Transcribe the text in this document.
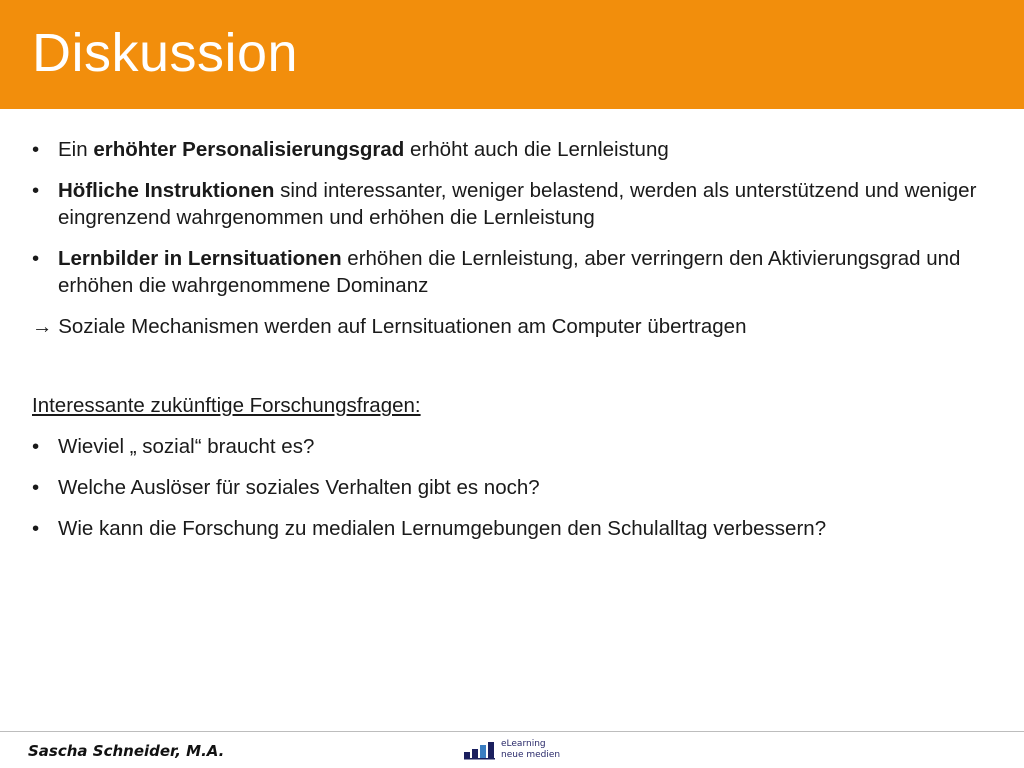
Diskussion
• Ein erhöhter Personalisierungsgrad erhöht auch die Lernleistung
• Höfliche Instruktionen sind interessanter, weniger belastend, werden als unterstützend und weniger eingrenzend wahrgenommen und erhöhen die Lernleistung
• Lernbilder in Lernsituationen erhöhen die Lernleistung, aber verringern den Aktivierungsgrad und erhöhen die wahrgenommene Dominanz
→ Soziale Mechanismen werden auf Lernsituationen am Computer übertragen
Interessante zukünftige Forschungsfragen:
• Wieviel „ sozial“ braucht es?
• Welche Auslöser für soziales Verhalten gibt es noch?
• Wie kann die Forschung zu medialen Lernumgebungen den Schulalltag verbessern?
Sascha Schneider, M.A.	eLearning
neue medien
